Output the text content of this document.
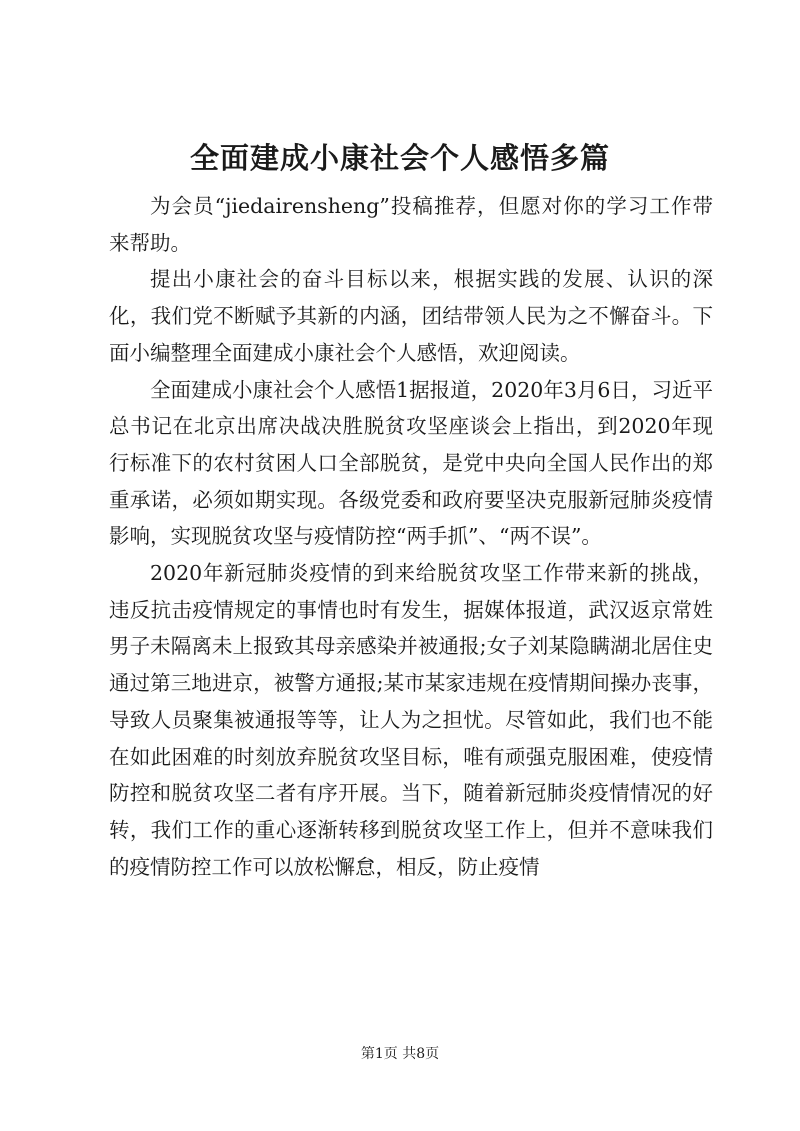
全面建成小康社会个人感悟多篇

为会员“jiedairensheng”投稿推荐，但愿对你的学习工作带来帮助。

提出小康社会的奋斗目标以来，根据实践的发展、认识的深化，我们党不断赋予其新的内涵，团结带领人民为之不懈奋斗。下面小编整理全面建成小康社会个人感悟，欢迎阅读。

全面建成小康社会个人感悟1据报道，2020年3月6日，习近平总书记在北京出席决战决胜脱贫攻坚座谈会上指出，到2020年现行标准下的农村贫困人口全部脱贫，是党中央向全国人民作出的郑重承诺，必须如期实现。各级党委和政府要坚决克服新冠肺炎疫情影响，实现脱贫攻坚与疫情防控“两手抓”、“两不误”。

2020年新冠肺炎疫情的到来给脱贫攻坚工作带来新的挑战，违反抗击疫情规定的事情也时有发生，据媒体报道，武汉返京常姓男子未隔离未上报致其母亲感染并被通报;女子刘某隐瞒湖北居住史通过第三地进京，被警方通报;某市某家违规在疫情期间操办丧事，导致人员聚集被通报等等，让人为之担忧。尽管如此，我们也不能在如此困难的时刻放弃脱贫攻坚目标，唯有顽强克服困难，使疫情防控和脱贫攻坚二者有序开展。当下，随着新冠肺炎疫情情况的好转，我们工作的重心逐渐转移到脱贫攻坚工作上，但并不意味我们的疫情防控工作可以放松懈怠，相反，防止疫情

第1页 共8页
